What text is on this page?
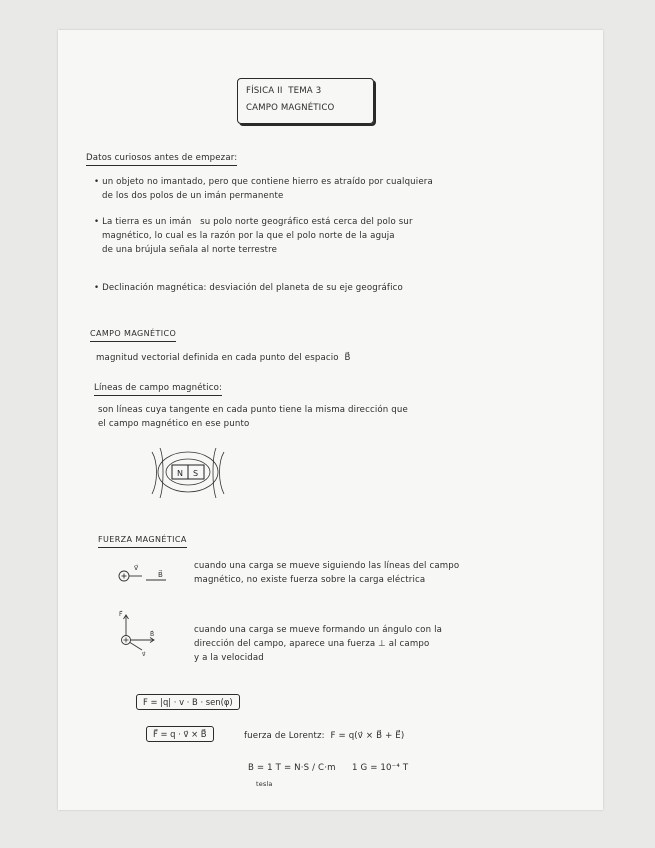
FÍSICA II  TEMA 3
CAMPO MAGNÉTICO
Datos curiosos antes de empezar:
• un objeto no imantado, pero que contiene hierro es atraído por cualquiera
de los dos polos de un imán permanente
• La tierra es un imán   su polo norte geográfico está cerca del polo sur
magnético, lo cual es la razón por la que el polo norte de la aguja
de una brújula señala al norte terrestre
• Declinación magnética: desviación del planeta de su eje geográfico
CAMPO MAGNÉTICO
magnitud vectorial definida en cada punto del espacio  B⃗
Líneas de campo magnético:
son líneas cuya tangente en cada punto tiene la misma dirección que
el campo magnético en ese punto
N S
FUERZA MAGNÉTICA
v⃗
B⃗
cuando una carga se mueve siguiendo las líneas del campo
magnético, no existe fuerza sobre la carga eléctrica
F⃗
B⃗
v⃗
cuando una carga se mueve formando un ángulo con la
dirección del campo, aparece una fuerza ⊥ al campo
y a la velocidad
F = |q| · v · B · sen(φ)
F⃗ = q · v⃗ × B⃗	fuerza de Lorentz:  F = q(v⃗ × B⃗ + E⃗)
B = 1 T = N·S / C·m
tesla
1 G = 10⁻⁴ T
